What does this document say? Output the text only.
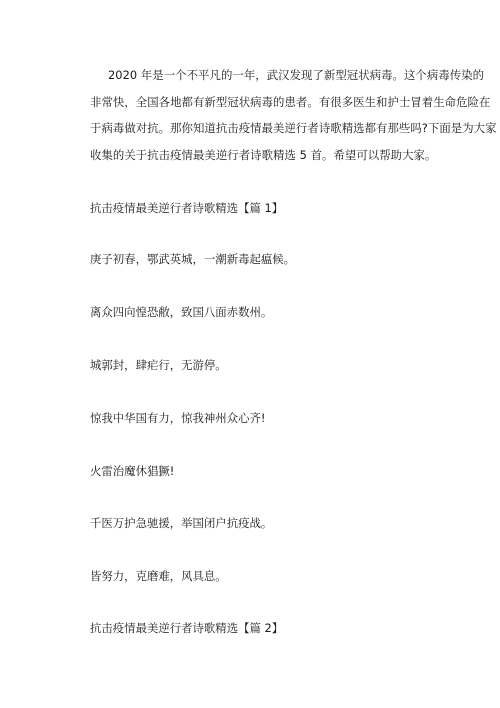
2020 年是一个不平凡的一年，武汉发现了新型冠状病毒。这个病毒传染的
非常快，全国各地都有新型冠状病毒的患者。有很多医生和护士冒着生命危险在
于病毒做对抗。那你知道抗击疫情最美逆行者诗歌精选都有那些吗?下面是为大家
收集的关于抗击疫情最美逆行者诗歌精选 5 首。希望可以帮助大家。
抗击疫情最美逆行者诗歌精选【篇 1】
庚子初春，鄂武英城，一潮新毒起瘟候。
离众四向惶恐敝，致国八面赤数州。
城郭封，肆疟行，无游停。
惊我中华国有力，惊我神州众心齐!
火雷治魔休猖獗!
千医万护急驰援，举国闭户抗疫战。
皆努力，克磨难，风具息。
抗击疫情最美逆行者诗歌精选【篇 2】
